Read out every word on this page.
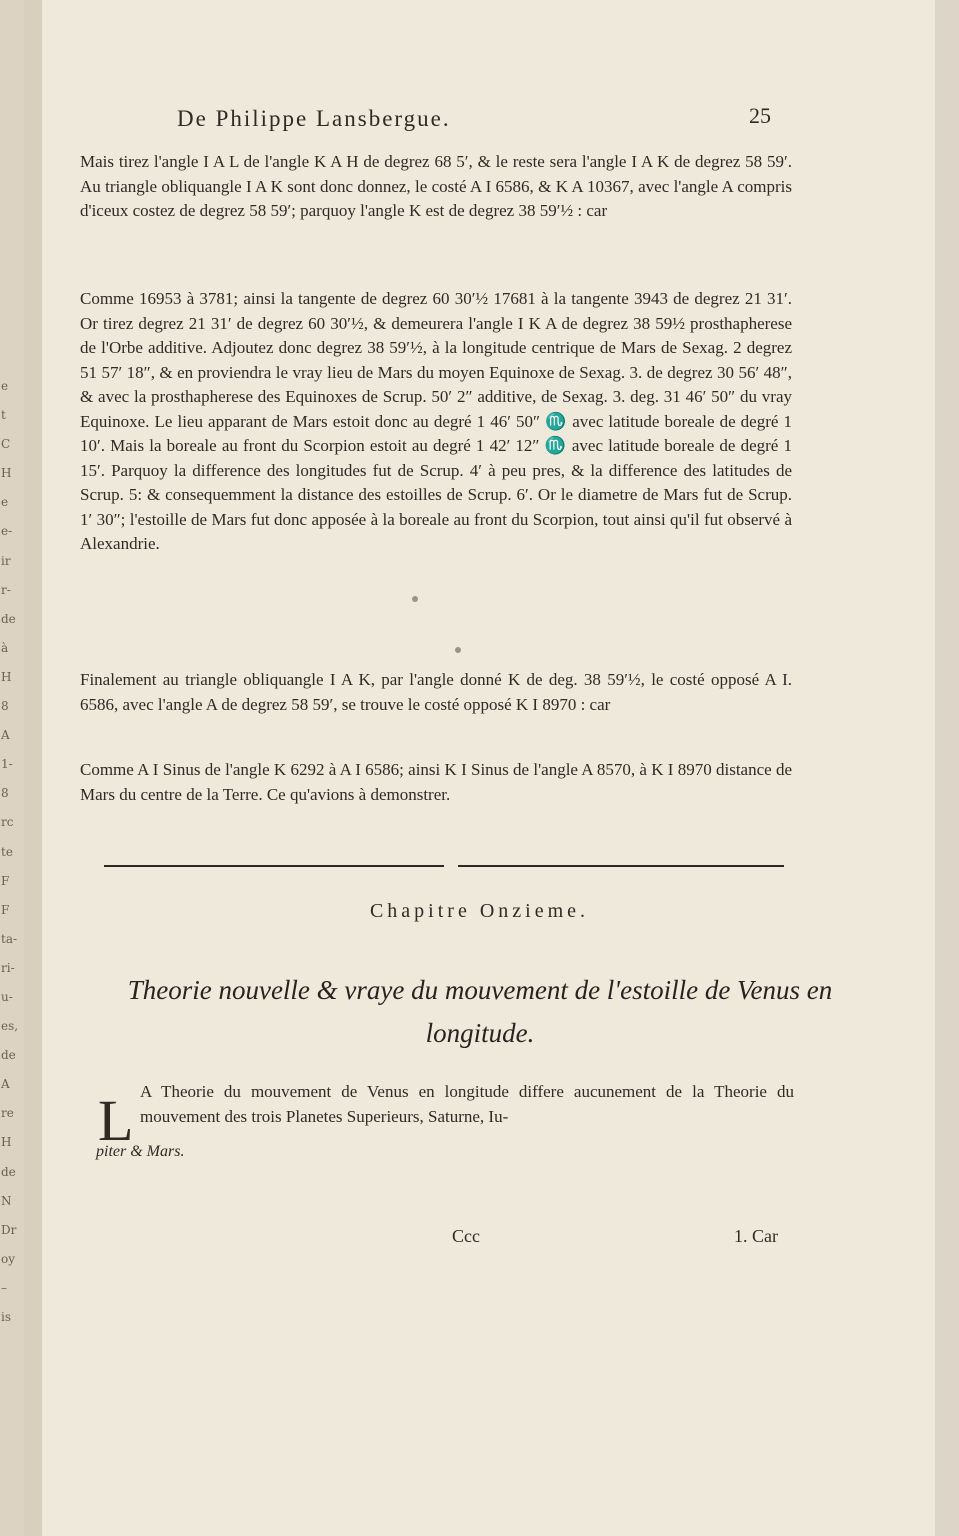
e
t
C
H
e
e-
ir
r-
de
à
H
8
A
1-
8
rc
te
F
F
ta-
ri-
u-
es,
de
A
re
H
de
N
Dr
oy
–
is
De Philippe Lansbergue.	25

Mais tirez l'angle I A L de l'angle K A H de degrez 68 5′, & le reste sera l'angle I A K de degrez 58 59′. Au triangle obliquangle I A K sont donc donnez, le costé A I 6586, & K A 10367, avec l'angle A compris d'iceux costez de degrez 58 59′; parquoy l'angle K est de degrez 38 59′½ : car

Comme 16953 à 3781; ainsi la tangente de degrez 60 30′½ 17681 à la tangente 3943 de degrez 21 31′. Or tirez degrez 21 31′ de degrez 60 30′½, & demeurera l'angle I K A de degrez 38 59½ prosthapherese de l'Orbe additive. Adjoutez donc degrez 38 59′½, à la longitude centrique de Mars de Sexag. 2 degrez 51 57′ 18″, & en proviendra le vray lieu de Mars du moyen Equinoxe de Sexag. 3. de degrez 30 56′ 48″, & avec la prosthapherese des Equinoxes de Scrup. 50′ 2″ additive, de Sexag. 3. deg. 31 46′ 50″ du vray Equinoxe. Le lieu apparant de Mars estoit donc au degré 1 46′ 50″ ♏ avec latitude boreale de degré 1 10′. Mais la boreale au front du Scorpion estoit au degré 1 42′ 12″ ♏ avec latitude boreale de degré 1 15′. Parquoy la difference des longitudes fut de Scrup. 4′ à peu pres, & la difference des latitudes de Scrup. 5: & consequemment la distance des estoilles de Scrup. 6′. Or le diametre de Mars fut de Scrup. 1′ 30″; l'estoille de Mars fut donc apposée à la boreale au front du Scorpion, tout ainsi qu'il fut observé à Alexandrie.

Finalement au triangle obliquangle I A K, par l'angle donné K de deg. 38 59′½, le costé opposé A I. 6586, avec l'angle A de degrez 58 59′, se trouve le costé opposé K I 8970 : car

Comme A I Sinus de l'angle K 6292 à A I 6586; ainsi K I Sinus de l'angle A 8570, à K I 8970 distance de Mars du centre de la Terre. Ce qu'avions à demonstrer.

Chapitre Onzieme.
Theorie nouvelle & vraye du mouvement de l'estoille de Venus en longitude.
L A Theorie du mouvement de Venus en longitude differe aucunement de la Theorie du mouvement des trois Planetes Superieurs, Saturne, Iu-

piter & Mars.

Ccc	1. Car
